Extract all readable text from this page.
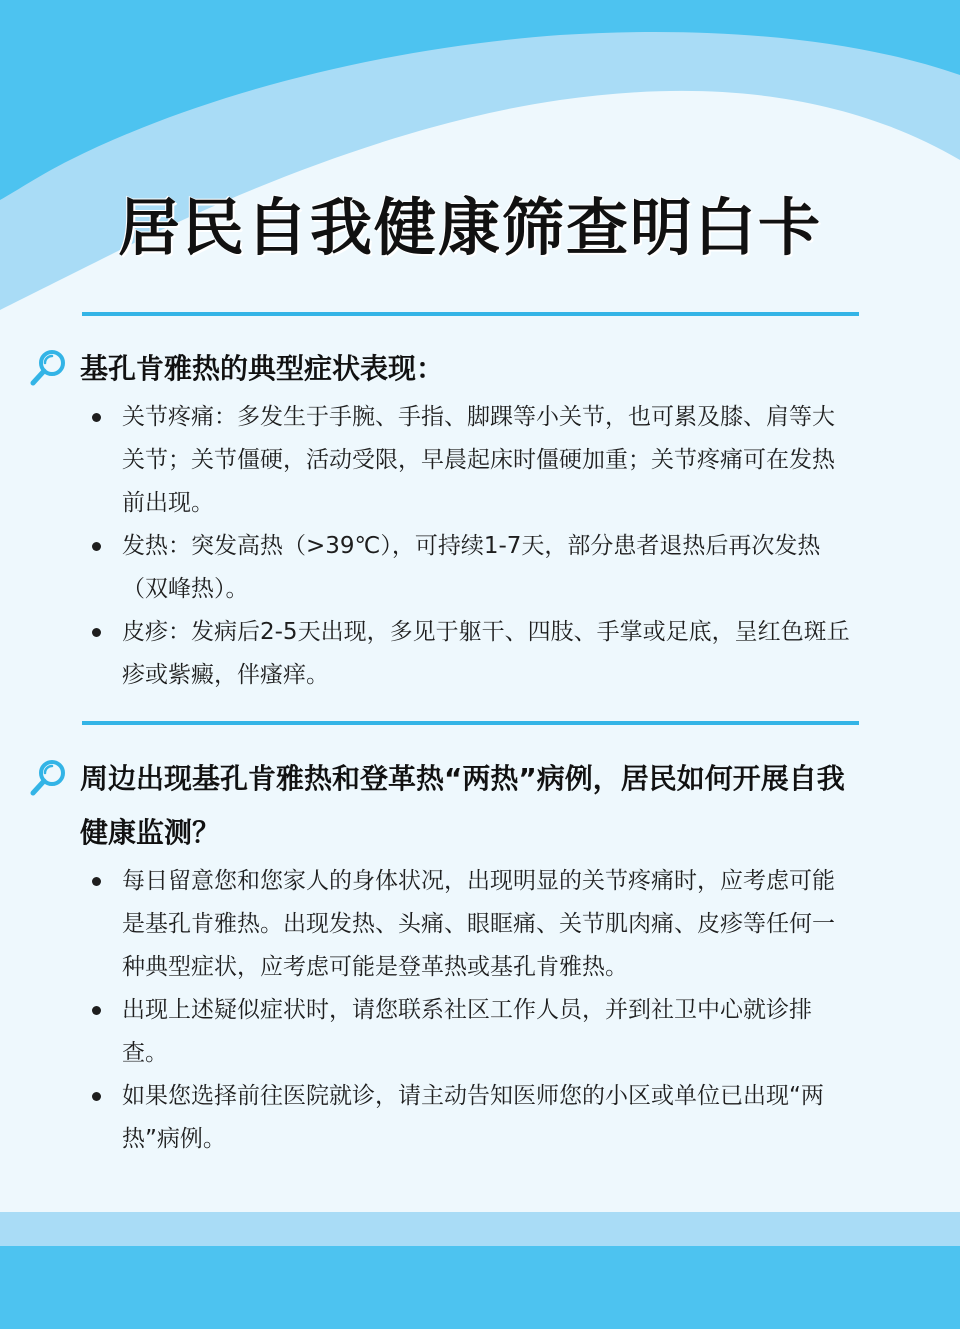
居民自我健康筛查明白卡
基孔肯雅热的典型症状表现：
关节疼痛：多发生于手腕、手指、脚踝等小关节，也可累及膝、肩等大关节；关节僵硬，活动受限，早晨起床时僵硬加重；关节疼痛可在发热前出现。
发热：突发高热（>39℃），可持续1-7天，部分患者退热后再次发热（双峰热）。
皮疹：发病后2-5天出现，多见于躯干、四肢、手掌或足底，呈红色斑丘疹或紫癜，伴瘙痒。
周边出现基孔肯雅热和登革热“两热”病例，居民如何开展自我健康监测？
每日留意您和您家人的身体状况，出现明显的关节疼痛时，应考虑可能是基孔肯雅热。出现发热、头痛、眼眶痛、关节肌肉痛、皮疹等任何一种典型症状，应考虑可能是登革热或基孔肯雅热。
出现上述疑似症状时，请您联系社区工作人员，并到社卫中心就诊排查。
如果您选择前往医院就诊，请主动告知医师您的小区或单位已出现“两热”病例。
